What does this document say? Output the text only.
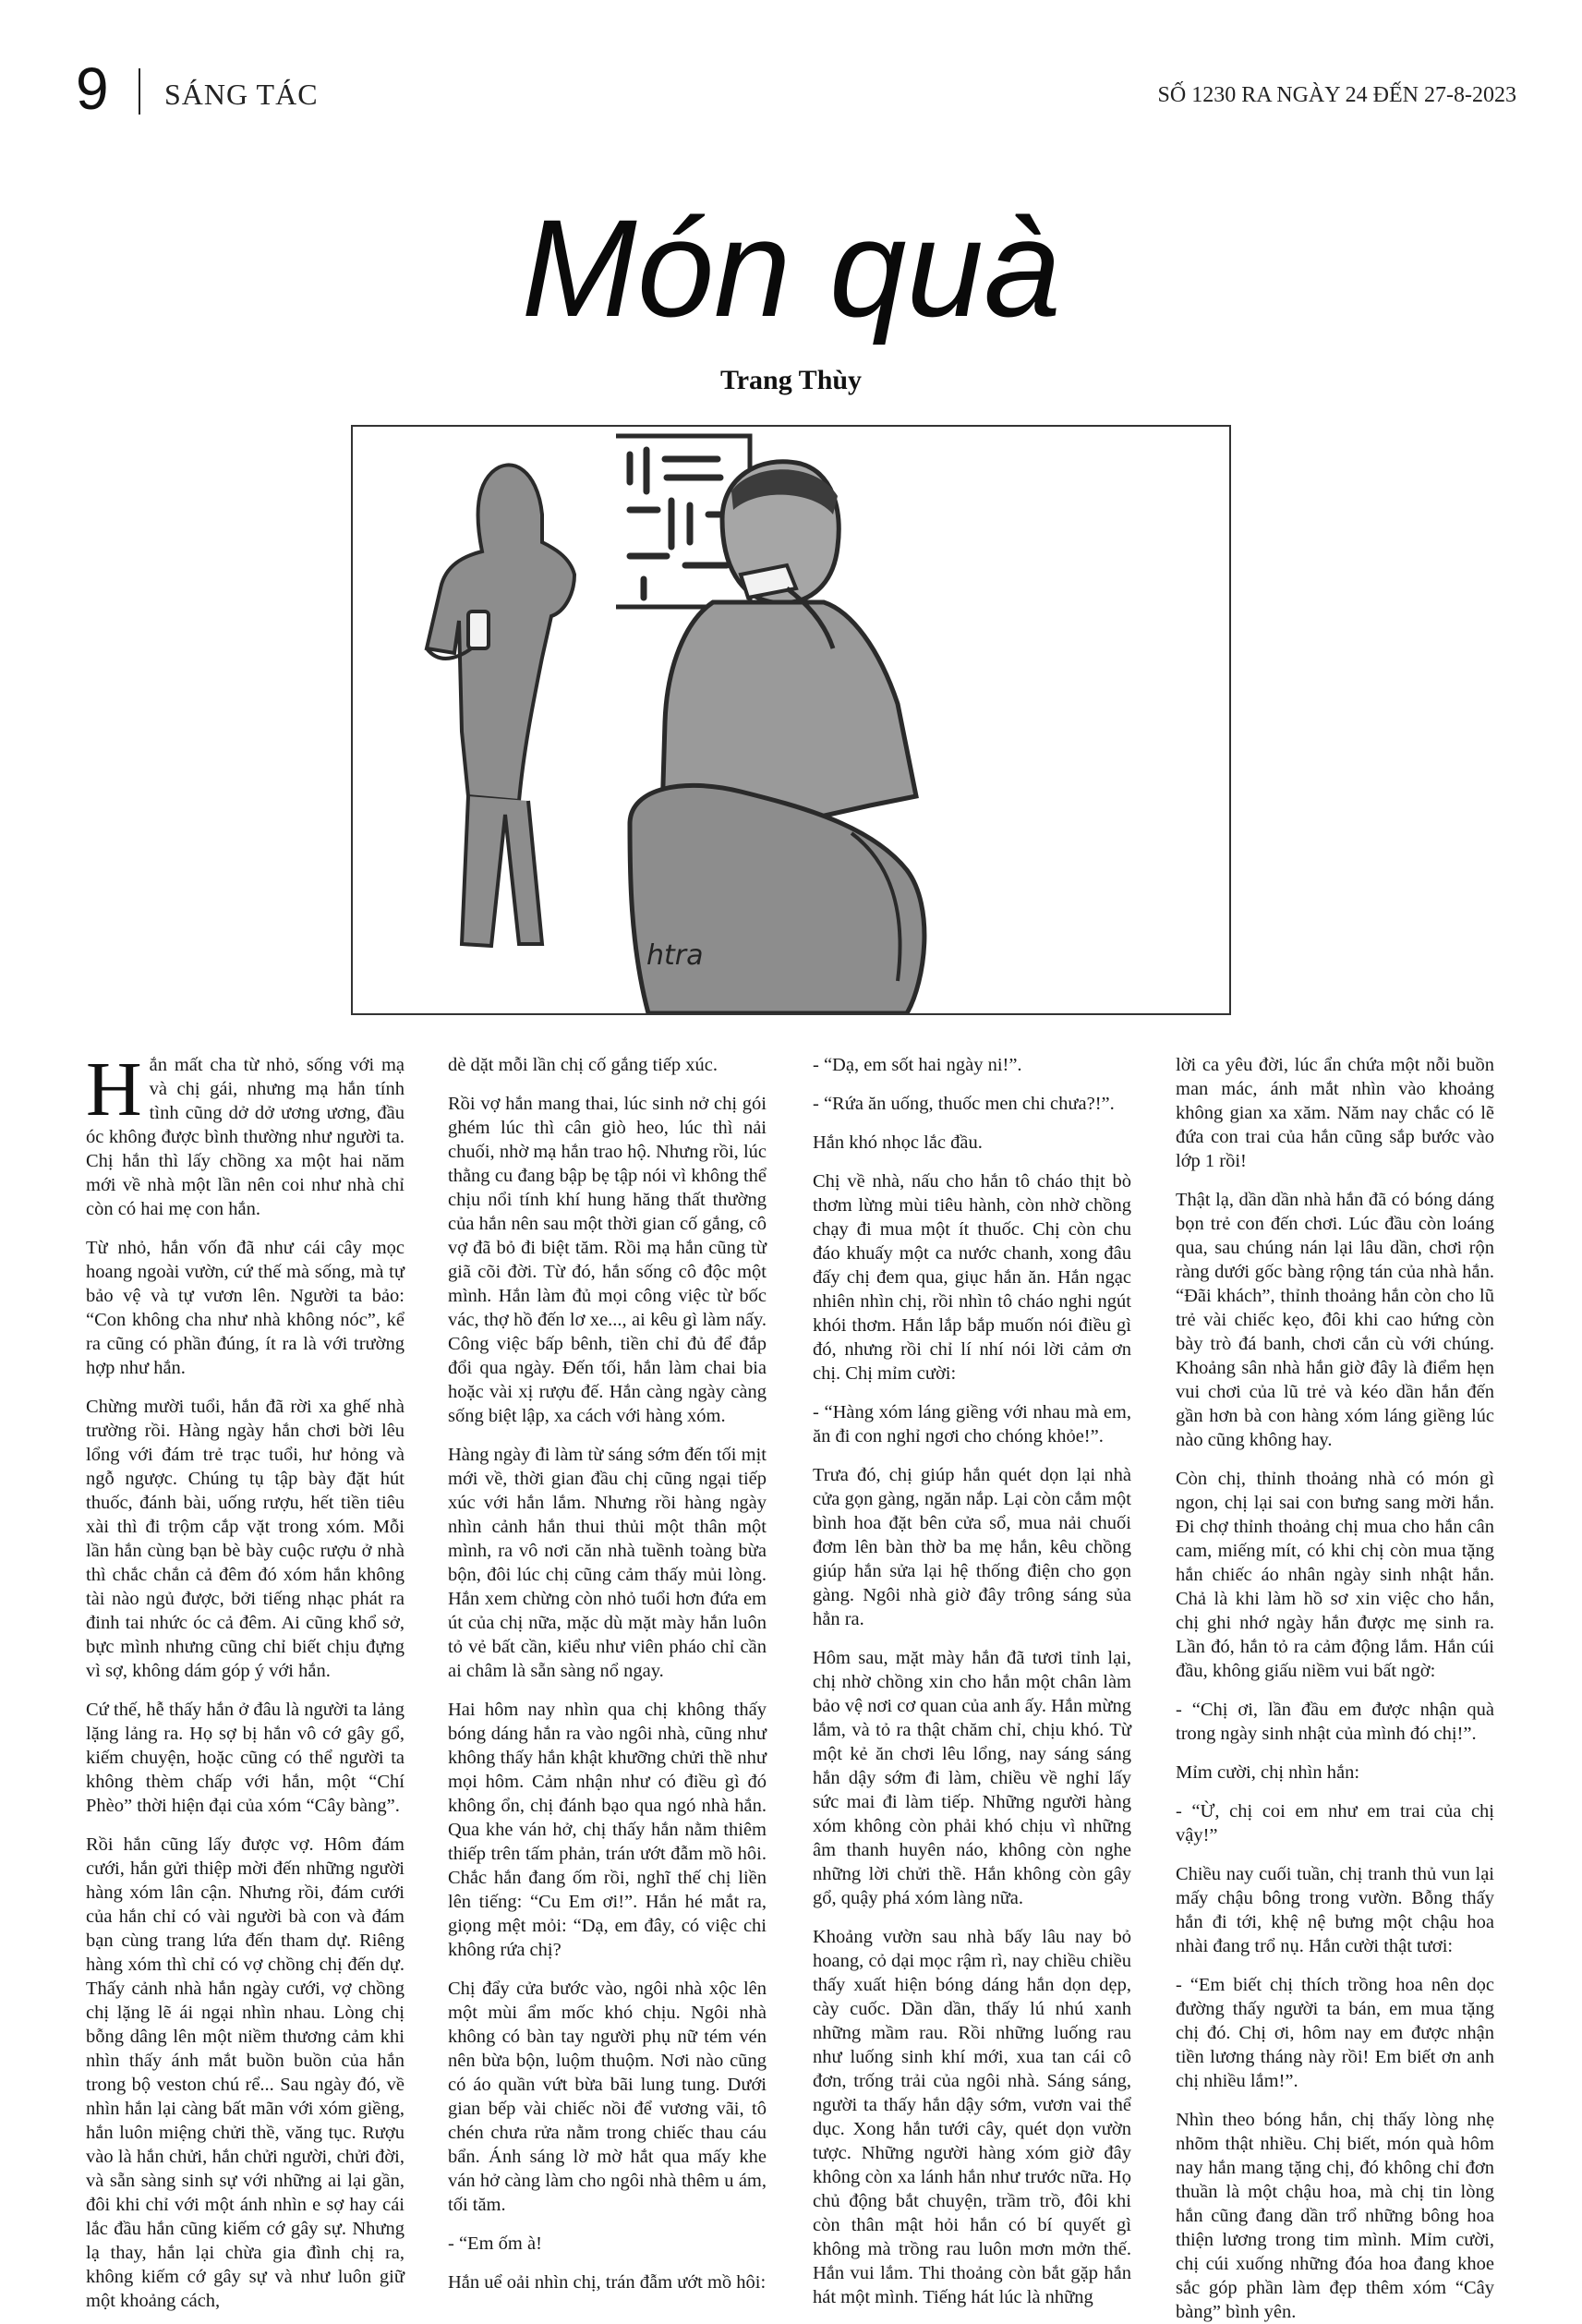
9 SÁNG TÁC	SỐ 1230 RA NGÀY 24 ĐẾN 27-8-2023
Món quà
Trang Thùy
htra

Hắn mất cha từ nhỏ, sống với mạ và chị gái, nhưng mạ hắn tính tình cũng dở dở ương ương, đầu óc không được bình thường như người ta. Chị hắn thì lấy chồng xa một hai năm mới về nhà một lần nên coi như nhà chỉ còn có hai mẹ con hắn.

Từ nhỏ, hắn vốn đã như cái cây mọc hoang ngoài vườn, cứ thế mà sống, mà tự bảo vệ và tự vươn lên. Người ta bảo: “Con không cha như nhà không nóc”, kể ra cũng có phần đúng, ít ra là với trường hợp như hắn.

Chừng mười tuổi, hắn đã rời xa ghế nhà trường rồi. Hàng ngày hắn chơi bời lêu lổng với đám trẻ trạc tuổi, hư hỏng và ngỗ ngược. Chúng tụ tập bày đặt hút thuốc, đánh bài, uống rượu, hết tiền tiêu xài thì đi trộm cắp vặt trong xóm. Mỗi lần hắn cùng bạn bè bày cuộc rượu ở nhà thì chắc chắn cả đêm đó xóm hắn không tài nào ngủ được, bởi tiếng nhạc phát ra đinh tai nhức óc cả đêm. Ai cũng khổ sở, bực mình nhưng cũng chỉ biết chịu đựng vì sợ, không dám góp ý với hắn.

Cứ thế, hễ thấy hắn ở đâu là người ta lảng lặng lảng ra. Họ sợ bị hắn vô cớ gây gổ, kiếm chuyện, hoặc cũng có thể người ta không thèm chấp với hắn, một “Chí Phèo” thời hiện đại của xóm “Cây bàng”.

Rồi hắn cũng lấy được vợ. Hôm đám cưới, hắn gửi thiệp mời đến những người hàng xóm lân cận. Nhưng rồi, đám cưới của hắn chỉ có vài người bà con và đám bạn cùng trang lứa đến tham dự. Riêng hàng xóm thì chỉ có vợ chồng chị đến dự. Thấy cảnh nhà hắn ngày cưới, vợ chồng chị lặng lẽ ái ngại nhìn nhau. Lòng chị bỗng dâng lên một niềm thương cảm khi nhìn thấy ánh mắt buồn buồn của hắn trong bộ veston chú rể... Sau ngày đó, về nhìn hắn lại càng bất mãn với xóm giềng, hắn luôn miệng chửi thề, văng tục. Rượu vào là hắn chửi, hắn chửi người, chửi đời, và sẵn sàng sinh sự với những ai lại gần, đôi khi chỉ với một ánh nhìn e sợ hay cái lắc đầu hắn cũng kiếm cớ gây sự. Nhưng lạ thay, hắn lại chừa gia đình chị ra, không kiếm cớ gây sự và như luôn giữ một khoảng cách,

dè dặt mỗi lần chị cố gắng tiếp xúc.

Rồi vợ hắn mang thai, lúc sinh nở chị gói ghém lúc thì cân giò heo, lúc thì nải chuối, nhờ mạ hắn trao hộ. Nhưng rồi, lúc thằng cu đang bập bẹ tập nói vì không thể chịu nổi tính khí hung hăng thất thường của hắn nên sau một thời gian cố gắng, cô vợ đã bỏ đi biệt tăm. Rồi mạ hắn cũng từ giã cõi đời. Từ đó, hắn sống cô độc một mình. Hắn làm đủ mọi công việc từ bốc vác, thợ hồ đến lơ xe..., ai kêu gì làm nấy. Công việc bấp bênh, tiền chỉ đủ để đắp đổi qua ngày. Đến tối, hắn làm chai bia hoặc vài xị rượu đế. Hắn càng ngày càng sống biệt lập, xa cách với hàng xóm.

Hàng ngày đi làm từ sáng sớm đến tối mịt mới về, thời gian đầu chị cũng ngại tiếp xúc với hắn lắm. Nhưng rồi hàng ngày nhìn cảnh hắn thui thủi một thân một mình, ra vô nơi căn nhà tuềnh toàng bừa bộn, đôi lúc chị cũng cảm thấy mủi lòng. Hắn xem chừng còn nhỏ tuổi hơn đứa em út của chị nữa, mặc dù mặt mày hắn luôn tỏ vẻ bất cần, kiểu như viên pháo chỉ cần ai châm là sẵn sàng nổ ngay.

Hai hôm nay nhìn qua chị không thấy bóng dáng hắn ra vào ngôi nhà, cũng như không thấy hắn khật khưỡng chửi thề như mọi hôm. Cảm nhận như có điều gì đó không ổn, chị đánh bạo qua ngó nhà hắn. Qua khe ván hở, chị thấy hắn nằm thiêm thiếp trên tấm phản, trán ướt đẫm mồ hôi. Chắc hắn đang ốm rồi, nghĩ thế chị liền lên tiếng: “Cu Em ơi!”. Hắn hé mắt ra, giọng mệt mỏi: “Dạ, em đây, có việc chi không rứa chị?

Chị đẩy cửa bước vào, ngôi nhà xộc lên một mùi ẩm mốc khó chịu. Ngôi nhà không có bàn tay người phụ nữ tém vén nên bừa bộn, luộm thuộm. Nơi nào cũng có áo quần vứt bừa bãi lung tung. Dưới gian bếp vài chiếc nồi để vương vãi, tô chén chưa rửa nằm trong chiếc thau cáu bẩn. Ánh sáng lờ mờ hắt qua mấy khe ván hở càng làm cho ngôi nhà thêm u ám, tối tăm.

- “Em ốm à!

Hắn uể oải nhìn chị, trán đẫm ướt mồ hôi:

- “Dạ, em sốt hai ngày ni!”.

- “Rứa ăn uống, thuốc men chi chưa?!”.

Hắn khó nhọc lắc đầu.

Chị về nhà, nấu cho hắn tô cháo thịt bò thơm lừng mùi tiêu hành, còn nhờ chồng chạy đi mua một ít thuốc. Chị còn chu đáo khuấy một ca nước chanh, xong đâu đấy chị đem qua, giục hắn ăn. Hắn ngạc nhiên nhìn chị, rồi nhìn tô cháo nghi ngút khói thơm. Hắn lắp bắp muốn nói điều gì đó, nhưng rồi chỉ lí nhí nói lời cảm ơn chị. Chị mỉm cười:

- “Hàng xóm láng giềng với nhau mà em, ăn đi con nghỉ ngơi cho chóng khỏe!”.

Trưa đó, chị giúp hắn quét dọn lại nhà cửa gọn gàng, ngăn nắp. Lại còn cắm một bình hoa đặt bên cửa sổ, mua nải chuối đơm lên bàn thờ ba mẹ hắn, kêu chồng giúp hắn sửa lại hệ thống điện cho gọn gàng. Ngôi nhà giờ đây trông sáng sủa hẳn ra.

Hôm sau, mặt mày hắn đã tươi tỉnh lại, chị nhờ chồng xin cho hắn một chân làm bảo vệ nơi cơ quan của anh ấy. Hắn mừng lắm, và tỏ ra thật chăm chỉ, chịu khó. Từ một kẻ ăn chơi lêu lổng, nay sáng sáng hắn dậy sớm đi làm, chiều về nghỉ lấy sức mai đi làm tiếp. Những người hàng xóm không còn phải khó chịu vì những âm thanh huyên náo, không còn nghe những lời chửi thề. Hắn không còn gây gổ, quậy phá xóm làng nữa.

Khoảng vườn sau nhà bấy lâu nay bỏ hoang, cỏ dại mọc rậm rì, nay chiều chiều thấy xuất hiện bóng dáng hắn dọn dẹp, cày cuốc. Dần dần, thấy lú nhú xanh những mầm rau. Rồi những luống rau như luống sinh khí mới, xua tan cái cô đơn, trống trải của ngôi nhà. Sáng sáng, người ta thấy hắn dậy sớm, vươn vai thể dục. Xong hắn tưới cây, quét dọn vườn tược. Những người hàng xóm giờ đây không còn xa lánh hắn như trước nữa. Họ chủ động bắt chuyện, trầm trồ, đôi khi còn thân mật hỏi hắn có bí quyết gì không mà trồng rau luôn mơn mởn thế. Hắn vui lắm. Thi thoảng còn bắt gặp hắn hát một mình. Tiếng hát lúc là những

lời ca yêu đời, lúc ẩn chứa một nỗi buồn man mác, ánh mắt nhìn vào khoảng không gian xa xăm. Năm nay chắc có lẽ đứa con trai của hắn cũng sắp bước vào lớp 1 rồi!

Thật lạ, dần dần nhà hắn đã có bóng dáng bọn trẻ con đến chơi. Lúc đầu còn loáng qua, sau chúng nán lại lâu dần, chơi rộn ràng dưới gốc bàng rộng tán của nhà hắn. “Đãi khách”, thỉnh thoảng hắn còn cho lũ trẻ vài chiếc kẹo, đôi khi cao hứng còn bày trò đá banh, chơi cắn cù với chúng. Khoảng sân nhà hắn giờ đây là điểm hẹn vui chơi của lũ trẻ và kéo dần hắn đến gần hơn bà con hàng xóm láng giềng lúc nào cũng không hay.

Còn chị, thỉnh thoảng nhà có món gì ngon, chị lại sai con bưng sang mời hắn. Đi chợ thỉnh thoảng chị mua cho hắn cân cam, miếng mít, có khi chị còn mua tặng hắn chiếc áo nhân ngày sinh nhật hắn. Chả là khi làm hồ sơ xin việc cho hắn, chị ghi nhớ ngày hắn được mẹ sinh ra. Lần đó, hắn tỏ ra cảm động lắm. Hắn cúi đầu, không giấu niềm vui bất ngờ:

- “Chị ơi, lần đầu em được nhận quà trong ngày sinh nhật của mình đó chị!”.

Mỉm cười, chị nhìn hắn:

- “Ừ, chị coi em như em trai của chị vậy!”

Chiều nay cuối tuần, chị tranh thủ vun lại mấy chậu bông trong vườn. Bỗng thấy hắn đi tới, khệ nệ bưng một chậu hoa nhài đang trổ nụ. Hắn cười thật tươi:

- “Em biết chị thích trồng hoa nên dọc đường thấy người ta bán, em mua tặng chị đó. Chị ơi, hôm nay em được nhận tiền lương tháng này rồi! Em biết ơn anh chị nhiều lắm!”.

Nhìn theo bóng hắn, chị thấy lòng nhẹ nhõm thật nhiều. Chị biết, món quà hôm nay hắn mang tặng chị, đó không chỉ đơn thuần là một chậu hoa, mà chị tin lòng hắn cũng đang dần trổ những bông hoa thiện lương trong tim mình. Mỉm cười, chị cúi xuống những đóa hoa đang khoe sắc góp phần làm đẹp thêm xóm “Cây bàng” bình yên.
